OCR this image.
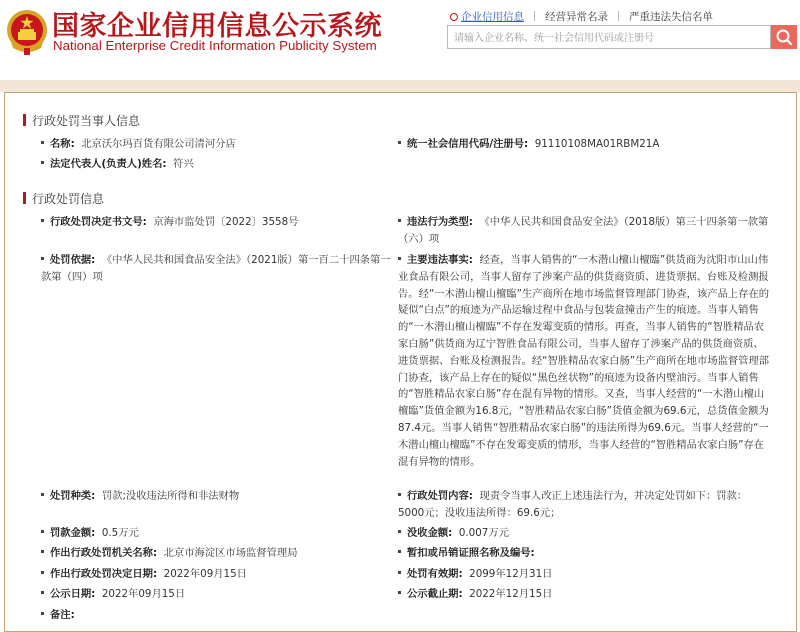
国家企业信用信息公示系统
National Enterprise Credit Information Publicity System
企业信用信息 经营异常名录 严重违法失信名单
请输入企业名称、统一社会信用代码或注册号
行政处罚当事人信息
名称: 北京沃尔玛百货有限公司清河分店	统一社会信用代码/注册号: 91110108MA01RBM21A
法定代表人(负责人)姓名: 符兴
行政处罚信息
行政处罚决定书文号: 京海市监处罚〔2022〕3558号	违法行为类型: 《中华人民共和国食品安全法》（2018版）第三十四条第一款第（六）项
处罚依据: 《中华人民共和国食品安全法》（2021版）第一百二十四条第一款第（四）项
主要违法事实: 经查，当事人销售的“一木潜山檀山檀臨”供货商为沈阳市山山伟业食品有限公司，当事人留存了涉案产品的供货商资质、进货票据、台账及检测报告。经“一木潜山檀山檀臨”生产商所在地市场监督管理部门协查，该产品上存在的疑似“白点”的痕迹为产品运输过程中食品与包装盒撞击产生的痕迹。当事人销售的“一木潜山檀山檀臨”不存在发霉变质的情形。再查，当事人销售的“智胜精品农家白肠”供货商为辽宁智胜食品有限公司，当事人留存了涉案产品的供货商资质、进货票据、台账及检测报告。经“智胜精品农家白肠”生产商所在地市场监督管理部门协查，该产品上存在的疑似“黑色丝状物”的痕迹为设备内壁油污。当事人销售的“智胜精品农家白肠”存在混有异物的情形。又查，当事人经营的“一木潜山檀山檀臨”货值金额为16.8元，“智胜精品农家白肠”货值金额为69.6元，总货值金额为87.4元。当事人销售“智胜精品农家白肠”的违法所得为69.6元。当事人经营的“一木潜山檀山檀臨”不存在发霉变质的情形，当事人经营的“智胜精品农家白肠”存在混有异物的情形。
处罚种类: 罚款;没收违法所得和非法财物	行政处罚内容: 现责令当事人改正上述违法行为，并决定处罚如下：罚款：5000元；没收违法所得：69.6元；
罚款金额: 0.5万元	没收金额: 0.007万元
作出行政处罚机关名称: 北京市海淀区市场监督管理局	暂扣或吊销证照名称及编号:
作出行政处罚决定日期: 2022年09月15日	处罚有效期: 2099年12月31日
公示日期: 2022年09月15日	公示截止期: 2022年12月15日
备注:
